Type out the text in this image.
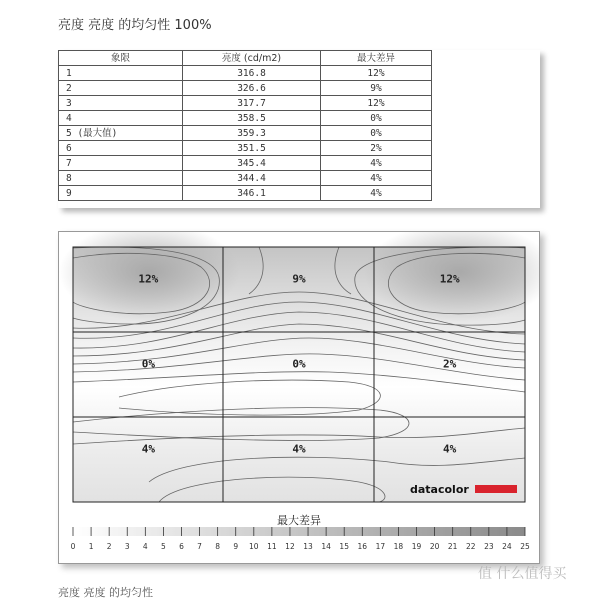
亮度 亮度 的均匀性 100%
象限	亮度 (cd/m2)	最大差异
1	316.8	12%
2	326.6	9%
3	317.7	12%
4	358.5	0%
5 (最大值)	359.3	0%
6	351.5	2%
7	345.4	4%
8	344.4	4%
9	346.1	4%
12%	9%	12%
0%	0%	2%
4%	4%	4%
datacolor
最大差异
0 1 2 3 4 5 6 7 8 9 10 11 12 13 14 15 16 17 18 19 20 21 22 23 24 25
亮度 亮度 的均匀性
值 什么值得买
